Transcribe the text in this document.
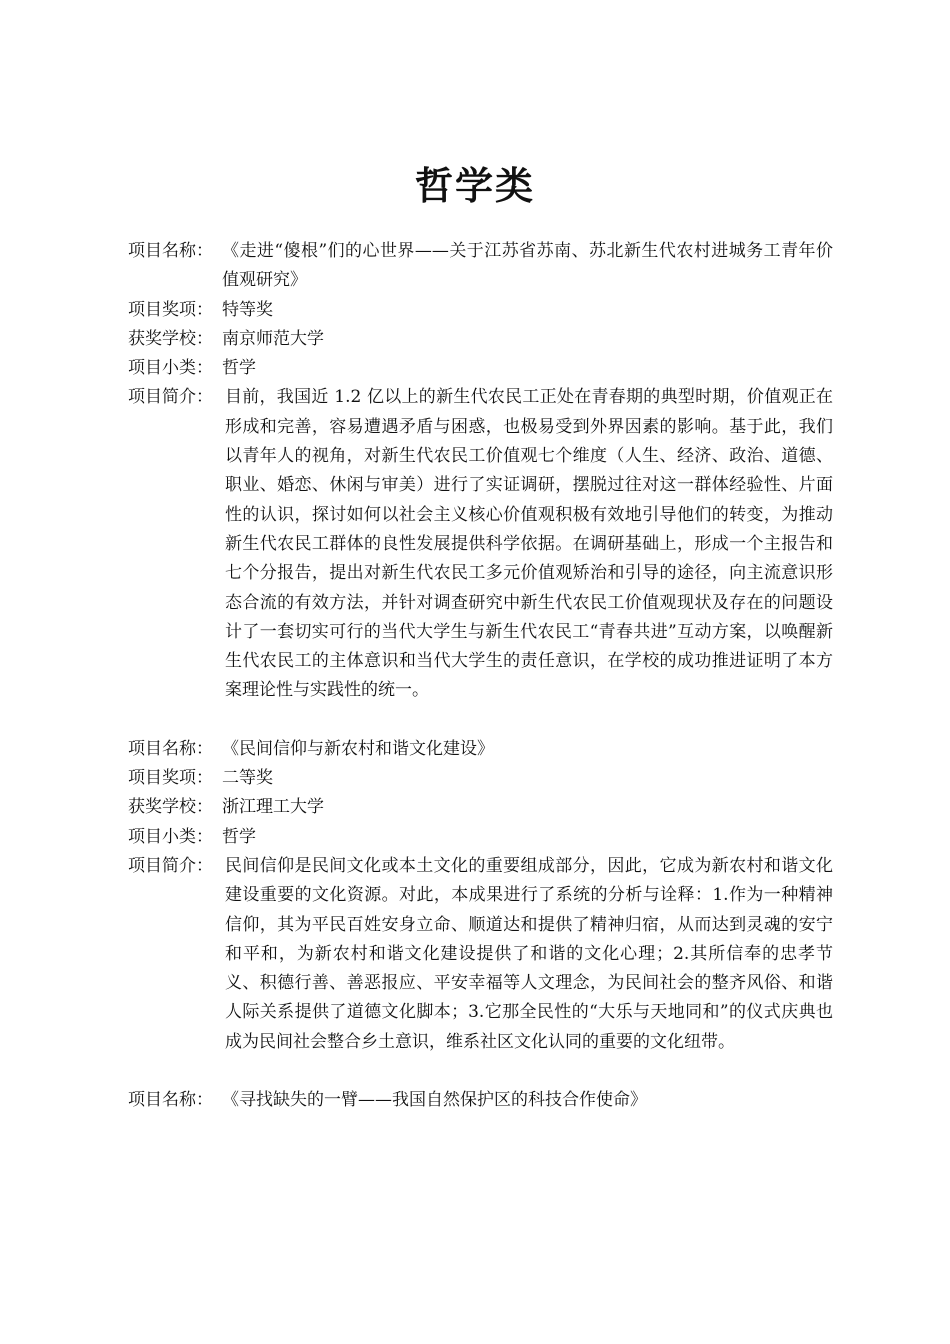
哲学类
项目名称： 《走进“傻根”们的心世界——关于江苏省苏南、苏北新生代农村进城务工青年价值观研究》
项目奖项： 特等奖
获奖学校： 南京师范大学
项目小类： 哲学
项目简介： 目前，我国近 1.2 亿以上的新生代农民工正处在青春期的典型时期，价值观正在形成和完善，容易遭遇矛盾与困惑，也极易受到外界因素的影响。基于此，我们以青年人的视角，对新生代农民工价值观七个维度（人生、经济、政治、道德、职业、婚恋、休闲与审美）进行了实证调研，摆脱过往对这一群体经验性、片面性的认识，探讨如何以社会主义核心价值观积极有效地引导他们的转变，为推动新生代农民工群体的良性发展提供科学依据。在调研基础上，形成一个主报告和七个分报告，提出对新生代农民工多元价值观矫治和引导的途径，向主流意识形态合流的有效方法，并针对调查研究中新生代农民工价值观现状及存在的问题设计了一套切实可行的当代大学生与新生代农民工“青春共进”互动方案，以唤醒新生代农民工的主体意识和当代大学生的责任意识，在学校的成功推进证明了本方案理论性与实践性的统一。
项目名称： 《民间信仰与新农村和谐文化建设》
项目奖项： 二等奖
获奖学校： 浙江理工大学
项目小类： 哲学
项目简介： 民间信仰是民间文化或本土文化的重要组成部分，因此，它成为新农村和谐文化建设重要的文化资源。对此，本成果进行了系统的分析与诠释：1.作为一种精神信仰，其为平民百姓安身立命、顺道达和提供了精神归宿，从而达到灵魂的安宁和平和，为新农村和谐文化建设提供了和谐的文化心理；2.其所信奉的忠孝节义、积德行善、善恶报应、平安幸福等人文理念，为民间社会的整齐风俗、和谐人际关系提供了道德文化脚本；3.它那全民性的“大乐与天地同和”的仪式庆典也成为民间社会整合乡土意识，维系社区文化认同的重要的文化纽带。
项目名称： 《寻找缺失的一臂——我国自然保护区的科技合作使命》
